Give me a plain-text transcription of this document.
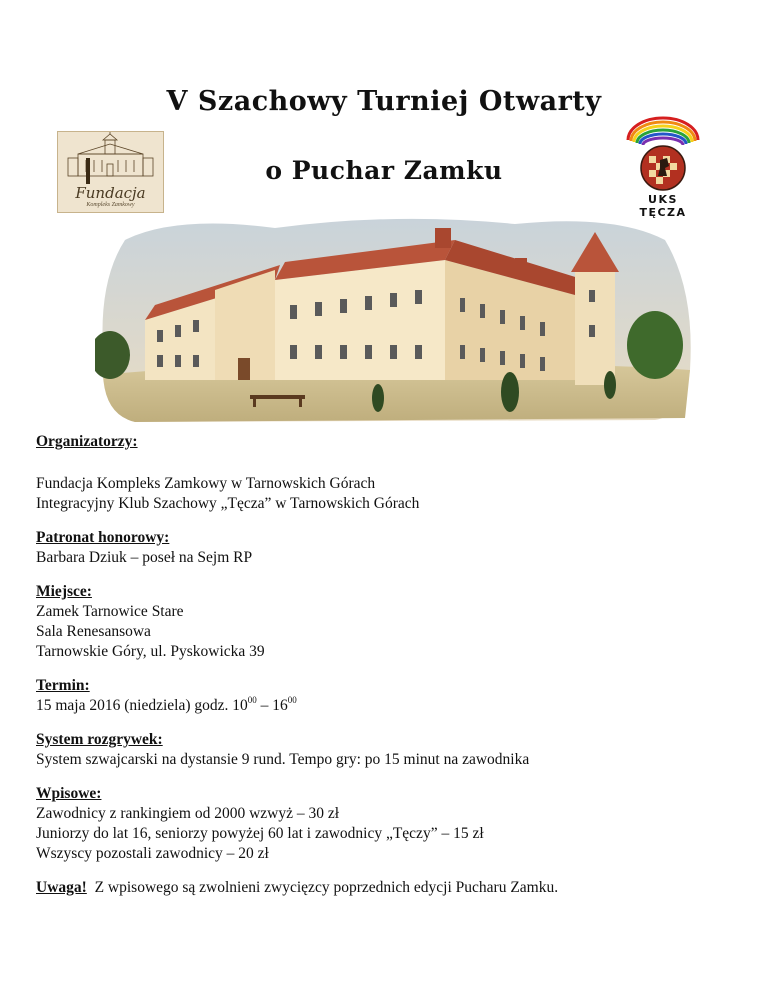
V Szachowy Turniej Otwarty
o Puchar Zamku
Fundacja
Kompleks Zamkowy	UKS TĘCZA

Organizatorzy:

Fundacja Kompleks Zamkowy w Tarnowskich Górach

Integracyjny Klub Szachowy „Tęcza” w Tarnowskich Górach

Patronat honorowy:

Barbara Dziuk – poseł na Sejm RP

Miejsce:

Zamek Tarnowice Stare

Sala Renesansowa

Tarnowskie Góry, ul. Pyskowicka 39

Termin:

15 maja 2016 (niedziela) godz. $10^{00} - 16^{00}$

System rozgrywek:

System szwajcarski na dystansie 9 rund. Tempo gry: po 15 minut na zawodnika

Wpisowe:

Zawodnicy z rankingiem od 2000 wzwyż – 30 zł

Juniorzy do lat 16, seniorzy powyżej 60 lat i zawodnicy „Tęczy” – 15 zł

Wszyscy pozostali zawodnicy – 20 zł

Uwaga! Z wpisowego są zwolnieni zwycięzcy poprzednich edycji Pucharu Zamku.
